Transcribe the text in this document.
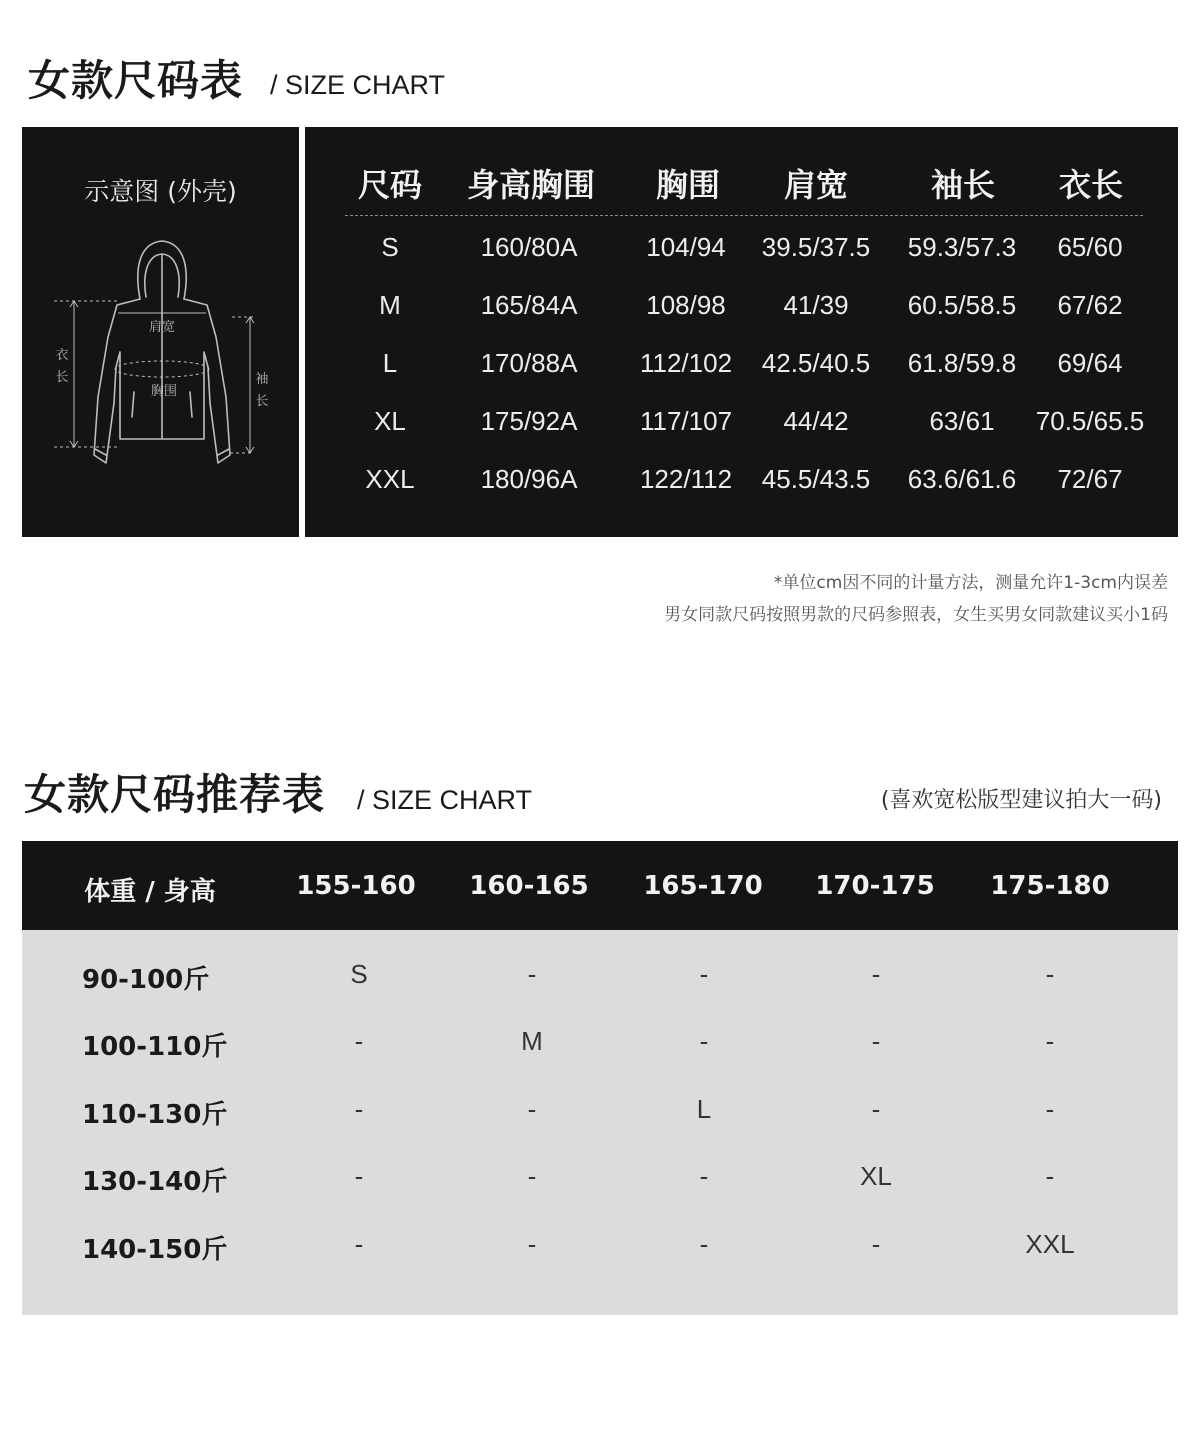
女款尺码表 / SIZE CHART
示意图 (外壳)
肩宽
胸围
衣
长	袖
长
尺码 身高胸围 胸围 肩宽	袖长 衣长
S	160/80A	104/94 39.5/37.5 59.3/57.3 65/60
M	165/84A	108/98 41/39 60.5/58.5 67/62
L	170/88A 112/102 42.5/40.5 61.8/59.8 69/64
XL	175/92A 117/107 44/42	63/61 70.5/65.5
XXL	180/96A 122/112 45.5/43.5 63.6/61.6 72/67
*单位cm因不同的计量方法，测量允许1-3cm内误差
男女同款尺码按照男款的尺码参照表，女生买男女同款建议买小1码
女款尺码推荐表 / SIZE CHART	(喜欢宽松版型建议拍大一码)
体重 / 身高	155-160 160-165 165-170 170-175 175-180
90-100斤	S	-	-	-	-
100-110斤	-	M	-	-	-
110-130斤	-	-	L	-	-
130-140斤	-	-	-	XL	-
140-150斤	-	-	-	-	XXL
